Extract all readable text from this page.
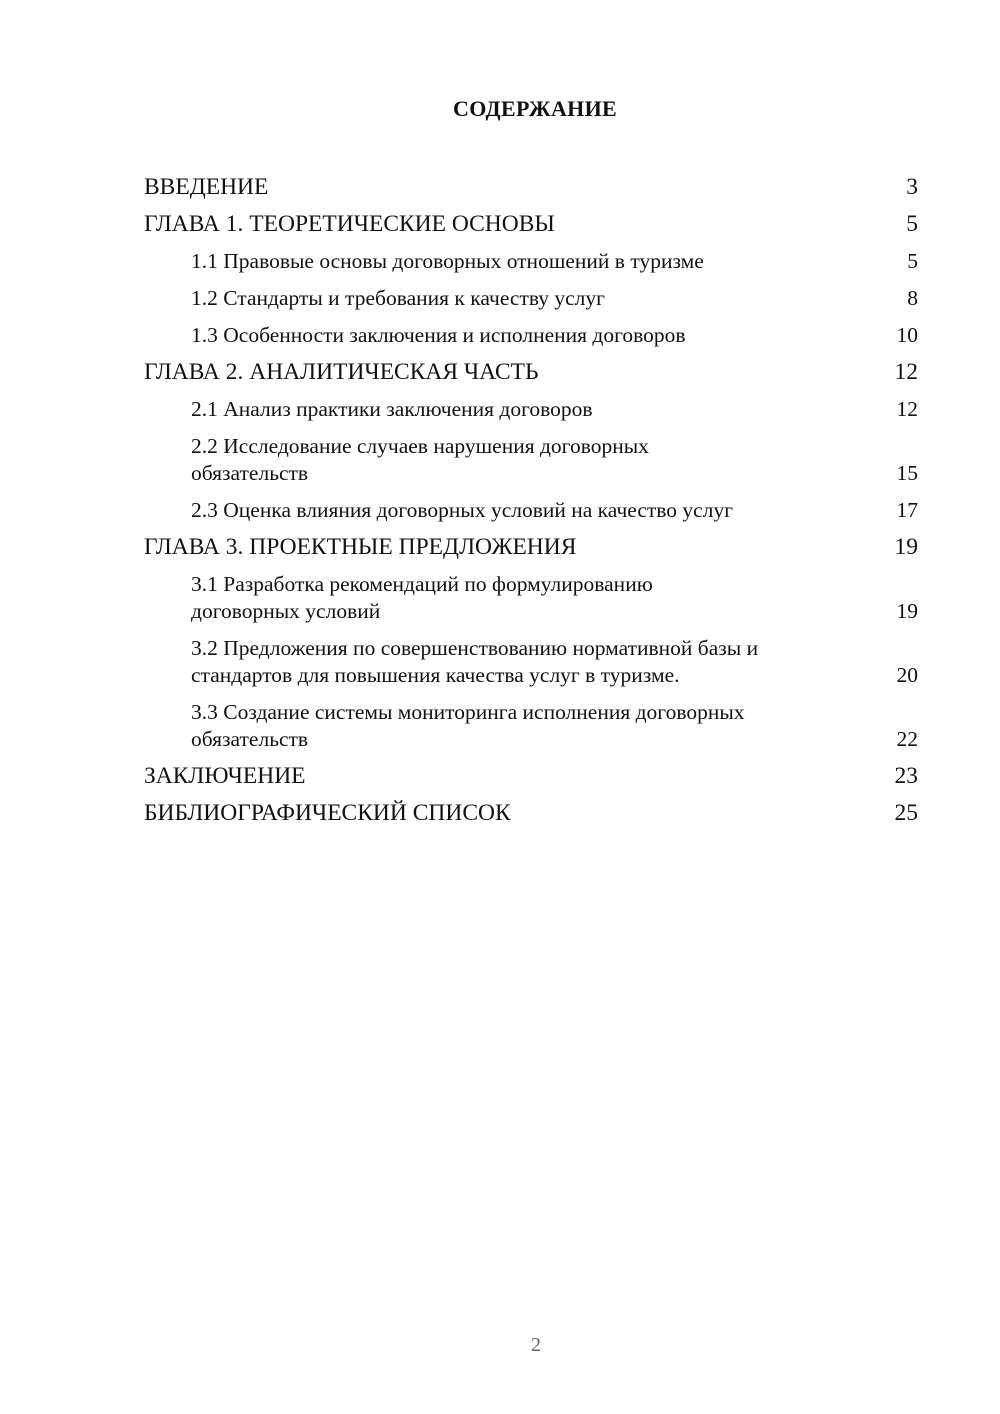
СОДЕРЖАНИЕ
ВВЕДЕНИЕ	3
ГЛАВА 1. ТЕОРЕТИЧЕСКИЕ ОСНОВЫ	5
1.1 Правовые основы договорных отношений в туризме	5
1.2 Стандарты и требования к качеству услуг	8
1.3 Особенности заключения и исполнения договоров	10
ГЛАВА 2. АНАЛИТИЧЕСКАЯ ЧАСТЬ	12
2.1 Анализ практики заключения договоров	12
2.2 Исследование случаев нарушения договорных обязательств	15
2.3 Оценка влияния договорных условий на качество услуг	17
ГЛАВА 3. ПРОЕКТНЫЕ ПРЕДЛОЖЕНИЯ	19
3.1 Разработка рекомендаций по формулированию договорных условий	19
3.2 Предложения по совершенствованию нормативной базы и стандартов для повышения качества услуг в туризме.	20
3.3 Создание системы мониторинга исполнения договорных обязательств	22
ЗАКЛЮЧЕНИЕ	23
БИБЛИОГРАФИЧЕСКИЙ СПИСОК	25
2
